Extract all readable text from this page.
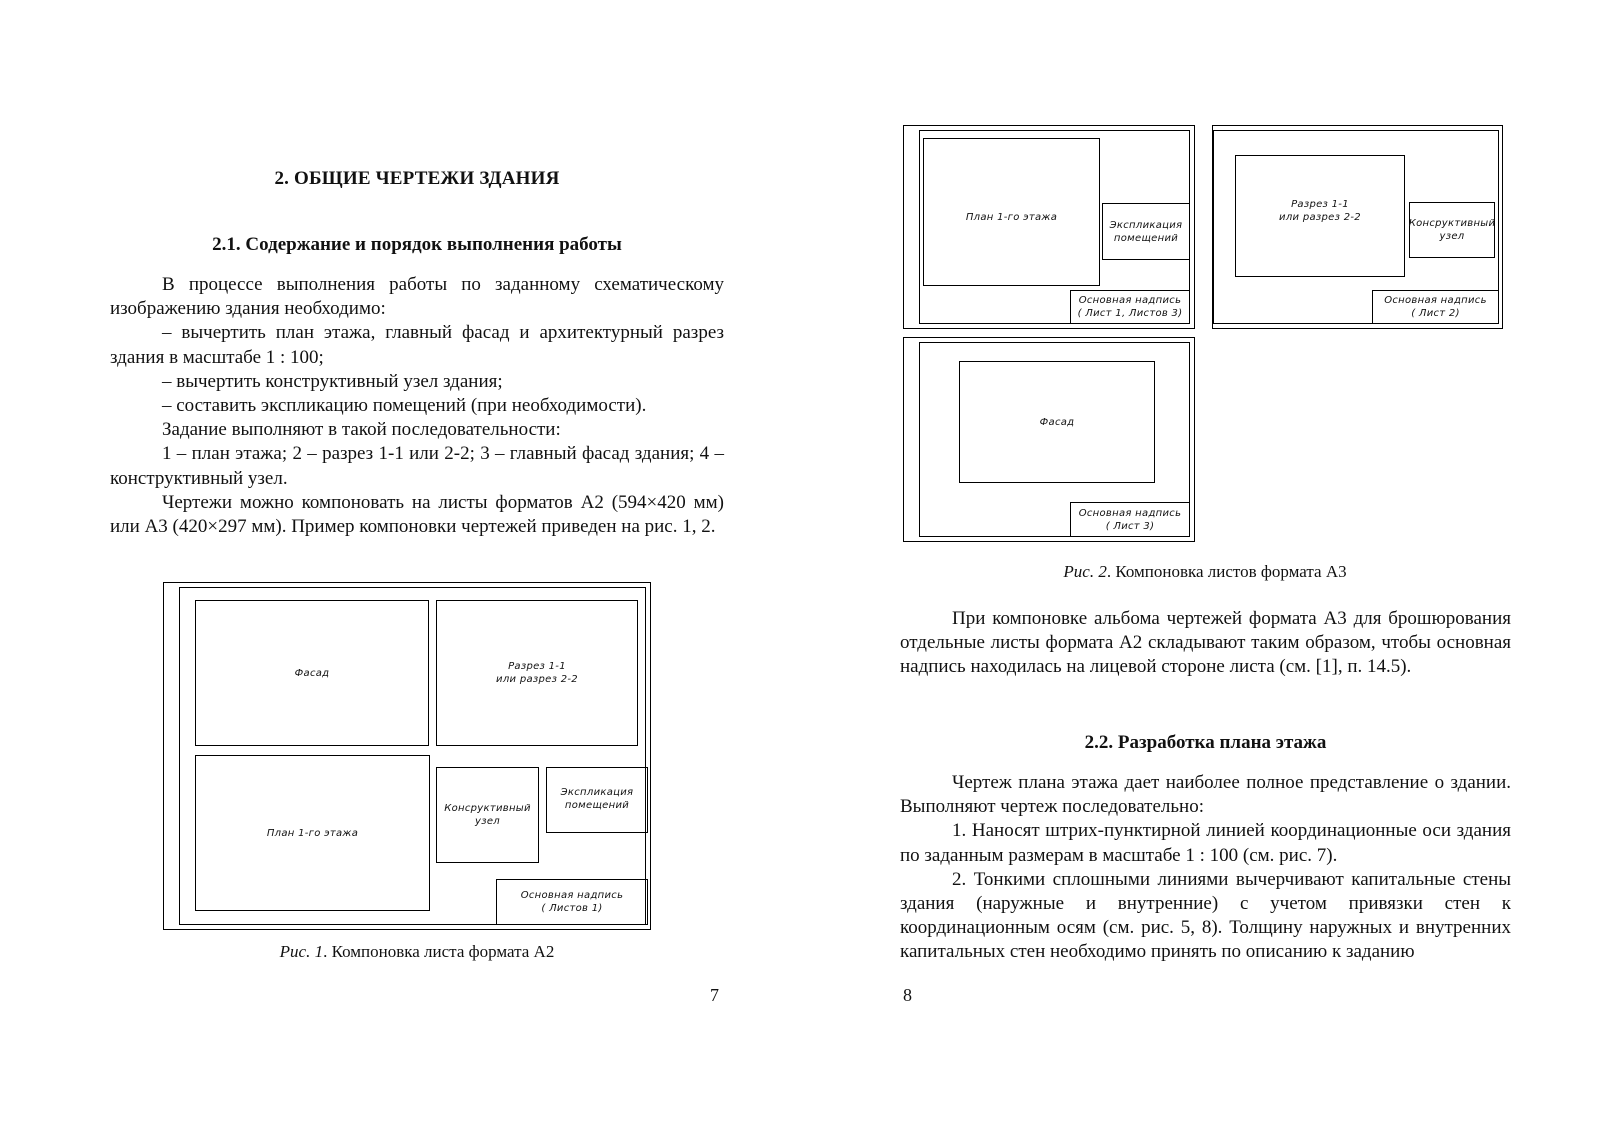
2. ОБЩИЕ ЧЕРТЕЖИ ЗДАНИЯ
2.1. Содержание и порядок выполнения работы

В процессе выполнения работы по заданному схематическому изображению здания необходимо:

– вычертить план этажа, главный фасад и архитектурный разрез здания в масштабе 1 : 100;

– вычертить конструктивный узел здания;

– составить экспликацию помещений (при необходимости).

Задание выполняют в такой последовательности:

1 – план этажа; 2 – разрез 1-1 или 2-2; 3 – главный фасад здания; 4 – конструктивный узел.

Чертежи можно компоновать на листы форматов А2 (594×420 мм) или А3 (420×297 мм). Пример компоновки чертежей приведен на рис. 1, 2.

Фасад
Разрез 1-1
или разрез 2-2
План 1-го этажа
Консруктивный
узел
Экспликация
помещений
Основная надпись
( Листов 1)

Рис. 1. Компоновка листа формата А2

7
План 1-го этажа
Экспликация
помещений
Основная надпись
( Лист 1, Листов 3)
Разрез 1-1
или разрез 2-2
Консруктивный
узел
Основная надпись
( Лист 2)
Фасад
Основная надпись
( Лист 3)

Рис. 2. Компоновка листов формата А3

При компоновке альбома чертежей формата А3 для брошюрования отдельные листы формата А2 складывают таким образом, чтобы основная надпись находилась на лицевой стороне листа (см. [1], п. 14.5).

2.2. Разработка плана этажа

Чертеж плана этажа дает наиболее полное представление о здании. Выполняют чертеж последовательно:

1. Наносят штрих-пунктирной линией координационные оси здания по заданным размерам в масштабе 1 : 100 (см. рис. 7).

2. Тонкими сплошными линиями вычерчивают капитальные стены здания (наружные и внутренние) с учетом привязки стен к координационным осям (см. рис. 5, 8). Толщину наружных и внутренних капитальных стен необходимо принять по описанию к заданию

8
